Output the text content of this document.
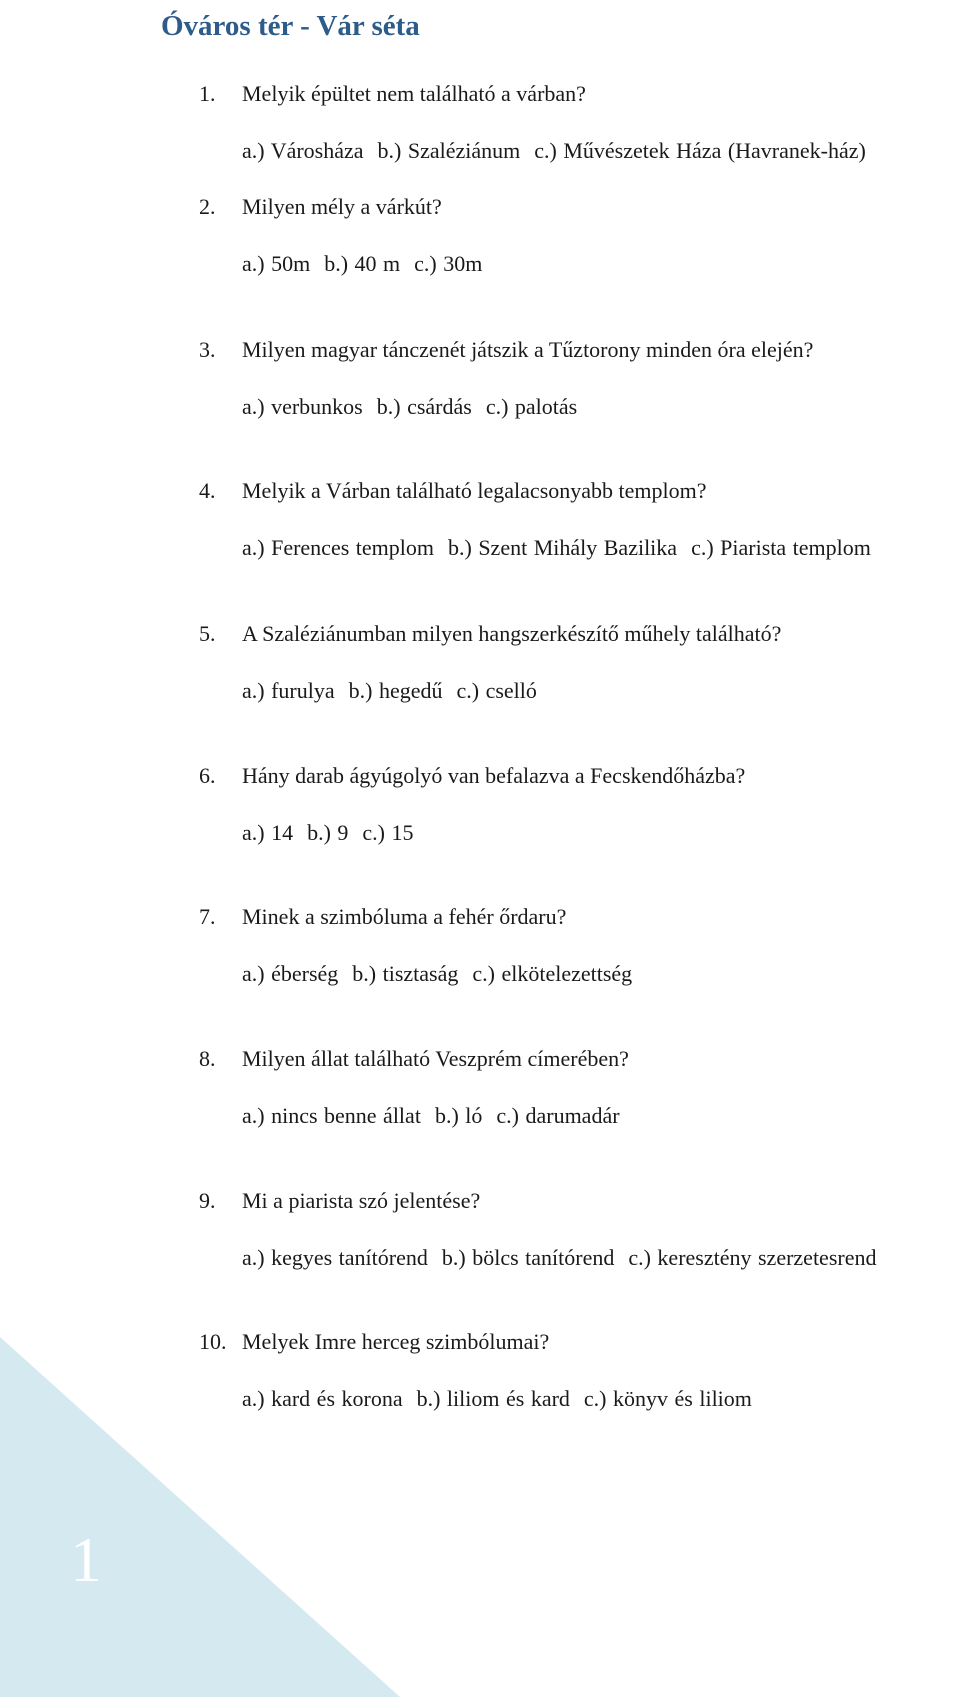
1
Óváros tér - Vár séta
1. Melyik épültet nem található a várban?
a.) Városháza b.) Szaléziánum c.) Művészetek Háza (Havranek-ház)
2. Milyen mély a várkút?
a.) 50m b.) 40 m c.) 30m
3. Milyen magyar tánczenét játszik a Tűztorony minden óra elején?
a.) verbunkos b.) csárdás c.) palotás
4. Melyik a Várban található legalacsonyabb templom?
a.) Ferences templom b.) Szent Mihály Bazilika c.) Piarista templom
5. A Szaléziánumban milyen hangszerkészítő műhely található?
a.) furulya b.) hegedű c.) cselló
6. Hány darab ágyúgolyó van befalazva a Fecskendőházba?
a.) 14 b.) 9 c.) 15
7. Minek a szimbóluma a fehér őrdaru?
a.) éberség b.) tisztaság c.) elkötelezettség
8. Milyen állat található Veszprém címerében?
a.) nincs benne állat b.) ló c.) darumadár
9. Mi a piarista szó jelentése?
a.) kegyes tanítórend b.) bölcs tanítórend c.) keresztény szerzetesrend
10. Melyek Imre herceg szimbólumai?
a.) kard és korona b.) liliom és kard c.) könyv és liliom
